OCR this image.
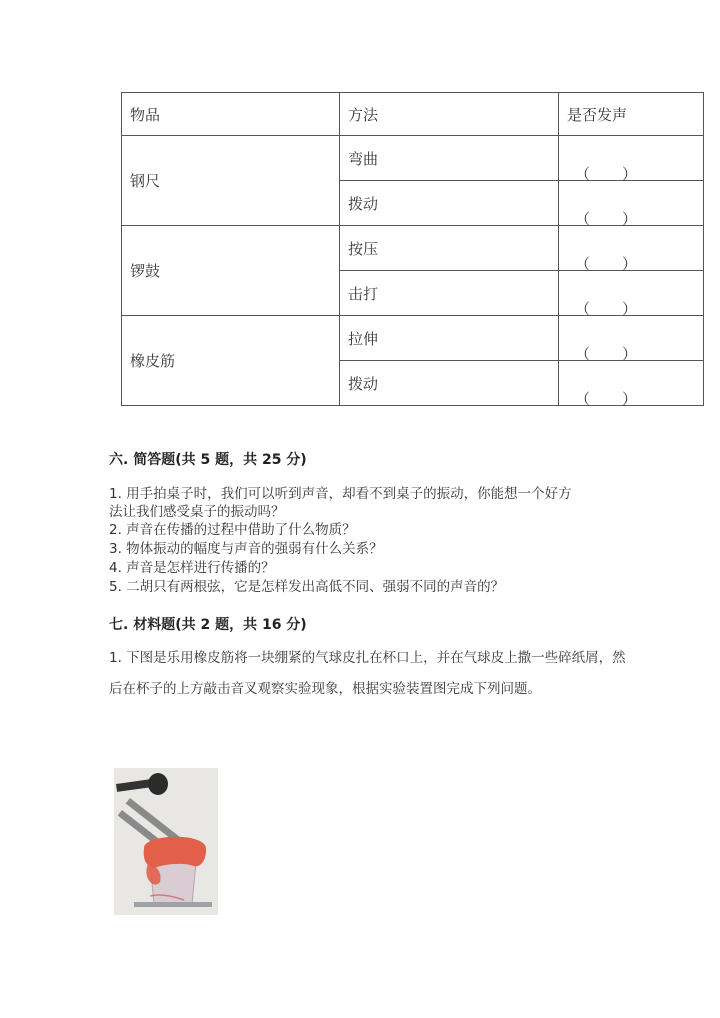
物品	方法	是否发声
钢尺	弯曲	（ ）

	拨动	（ ）

锣鼓	按压	（ ）

	击打	（ ）

橡皮筋	拉伸	（ ）

	拨动	（ ）
六. 简答题(共 5 题，共 25 分)
1. 用手拍桌子时，我们可以听到声音，却看不到桌子的振动，你能想一个好方
法让我们感受桌子的振动吗？
2. 声音在传播的过程中借助了什么物质？
3. 物体振动的幅度与声音的强弱有什么关系？
4. 声音是怎样进行传播的？
5. 二胡只有两根弦，它是怎样发出高低不同、强弱不同的声音的？
七. 材料题(共 2 题，共 16 分)
1. 下图是乐用橡皮筋将一块绷紧的气球皮扎在杯口上，并在气球皮上撒一些碎纸屑，然后在杯子的上方敲击音叉观察实验现象，根据实验装置图完成下列问题。
